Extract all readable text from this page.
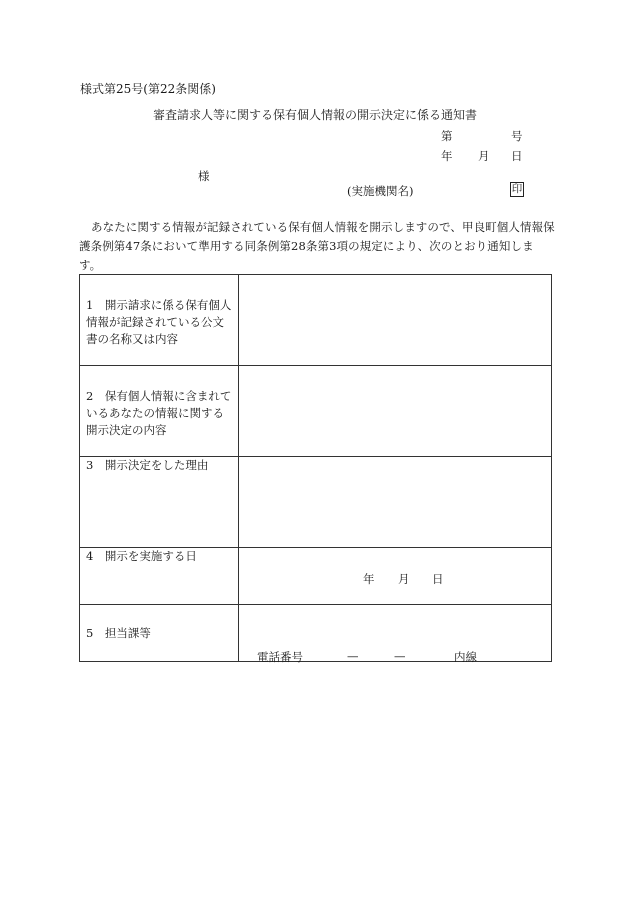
様式第25号(第22条関係)
審査請求人等に関する保有個人情報の開示決定に係る通知書
第	号
年 月 日
様
(実施機関名)	印
あなたに関する情報が記録されている保有個人情報を開示しますので、甲良町個人情報保護条例第47条において準用する同条例第28条第3項の規定により、次のとおり通知します。
1　開示請求に係る保有個人情報が記録されている公文書の名称又は内容	

2　保有個人情報に含まれているあなたの情報に関する開示決定の内容	

3　開示決定をした理由	

4　開示を実施する日	年 月 日

5　担当課等	電話番号 — — 内線
